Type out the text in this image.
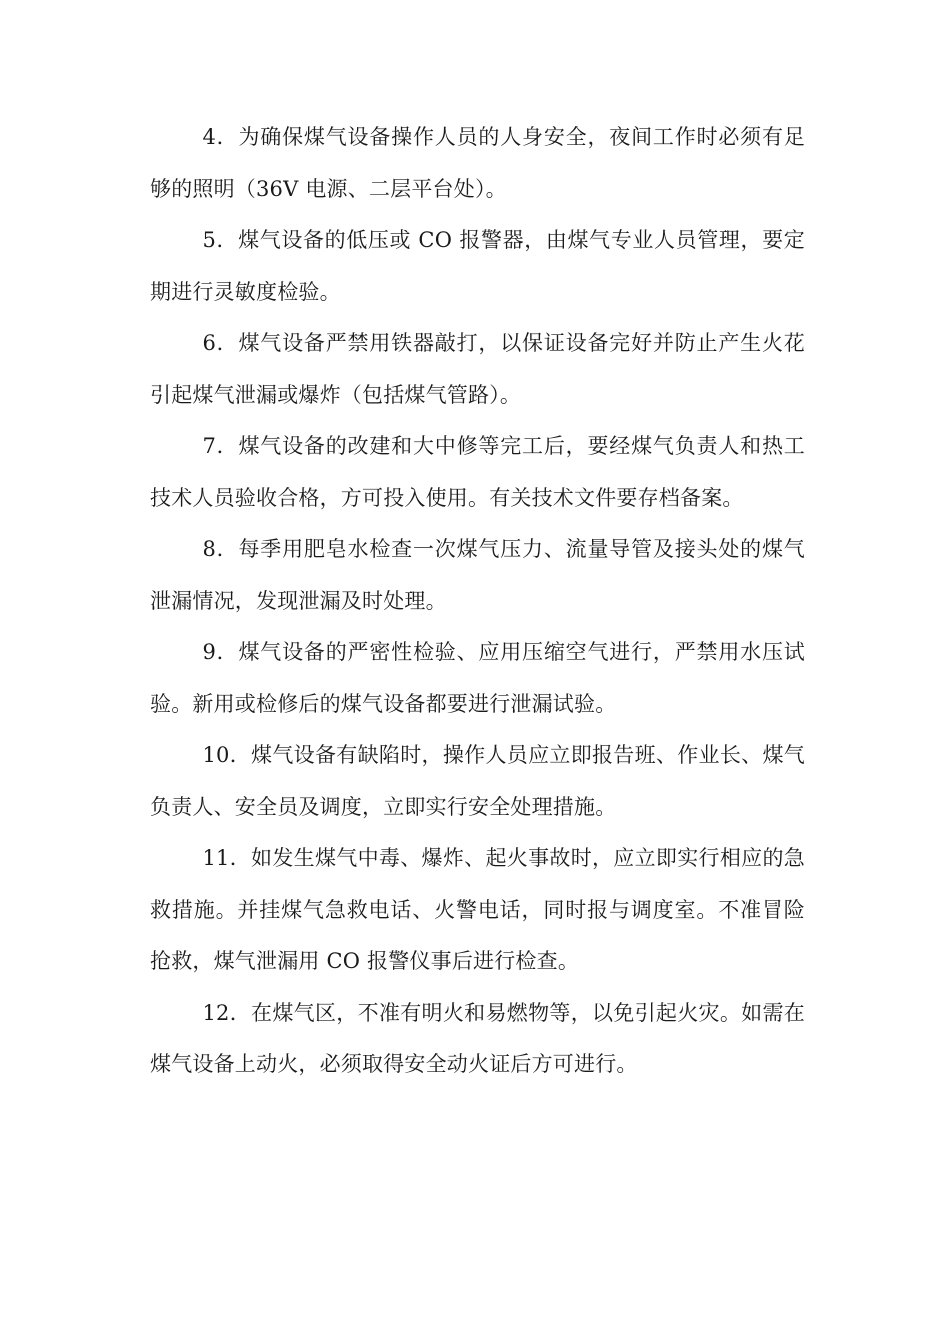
4．为确保煤气设备操作人员的人身安全，夜间工作时必须有足够的照明（36V 电源、二层平台处）。

5．煤气设备的低压或 CO 报警器，由煤气专业人员管理，要定期进行灵敏度检验。

6．煤气设备严禁用铁器敲打，以保证设备完好并防止产生火花引起煤气泄漏或爆炸（包括煤气管路）。

7．煤气设备的改建和大中修等完工后，要经煤气负责人和热工技术人员验收合格，方可投入使用。有关技术文件要存档备案。

8．每季用肥皂水检查一次煤气压力、流量导管及接头处的煤气泄漏情况，发现泄漏及时处理。

9．煤气设备的严密性检验、应用压缩空气进行，严禁用水压试验。新用或检修后的煤气设备都要进行泄漏试验。

10．煤气设备有缺陷时，操作人员应立即报告班、作业长、煤气负责人、安全员及调度，立即实行安全处理措施。

11．如发生煤气中毒、爆炸、起火事故时，应立即实行相应的急救措施。并挂煤气急救电话、火警电话，同时报与调度室。不准冒险抢救，煤气泄漏用 CO 报警仪事后进行检查。

12．在煤气区，不准有明火和易燃物等，以免引起火灾。如需在煤气设备上动火，必须取得安全动火证后方可进行。
